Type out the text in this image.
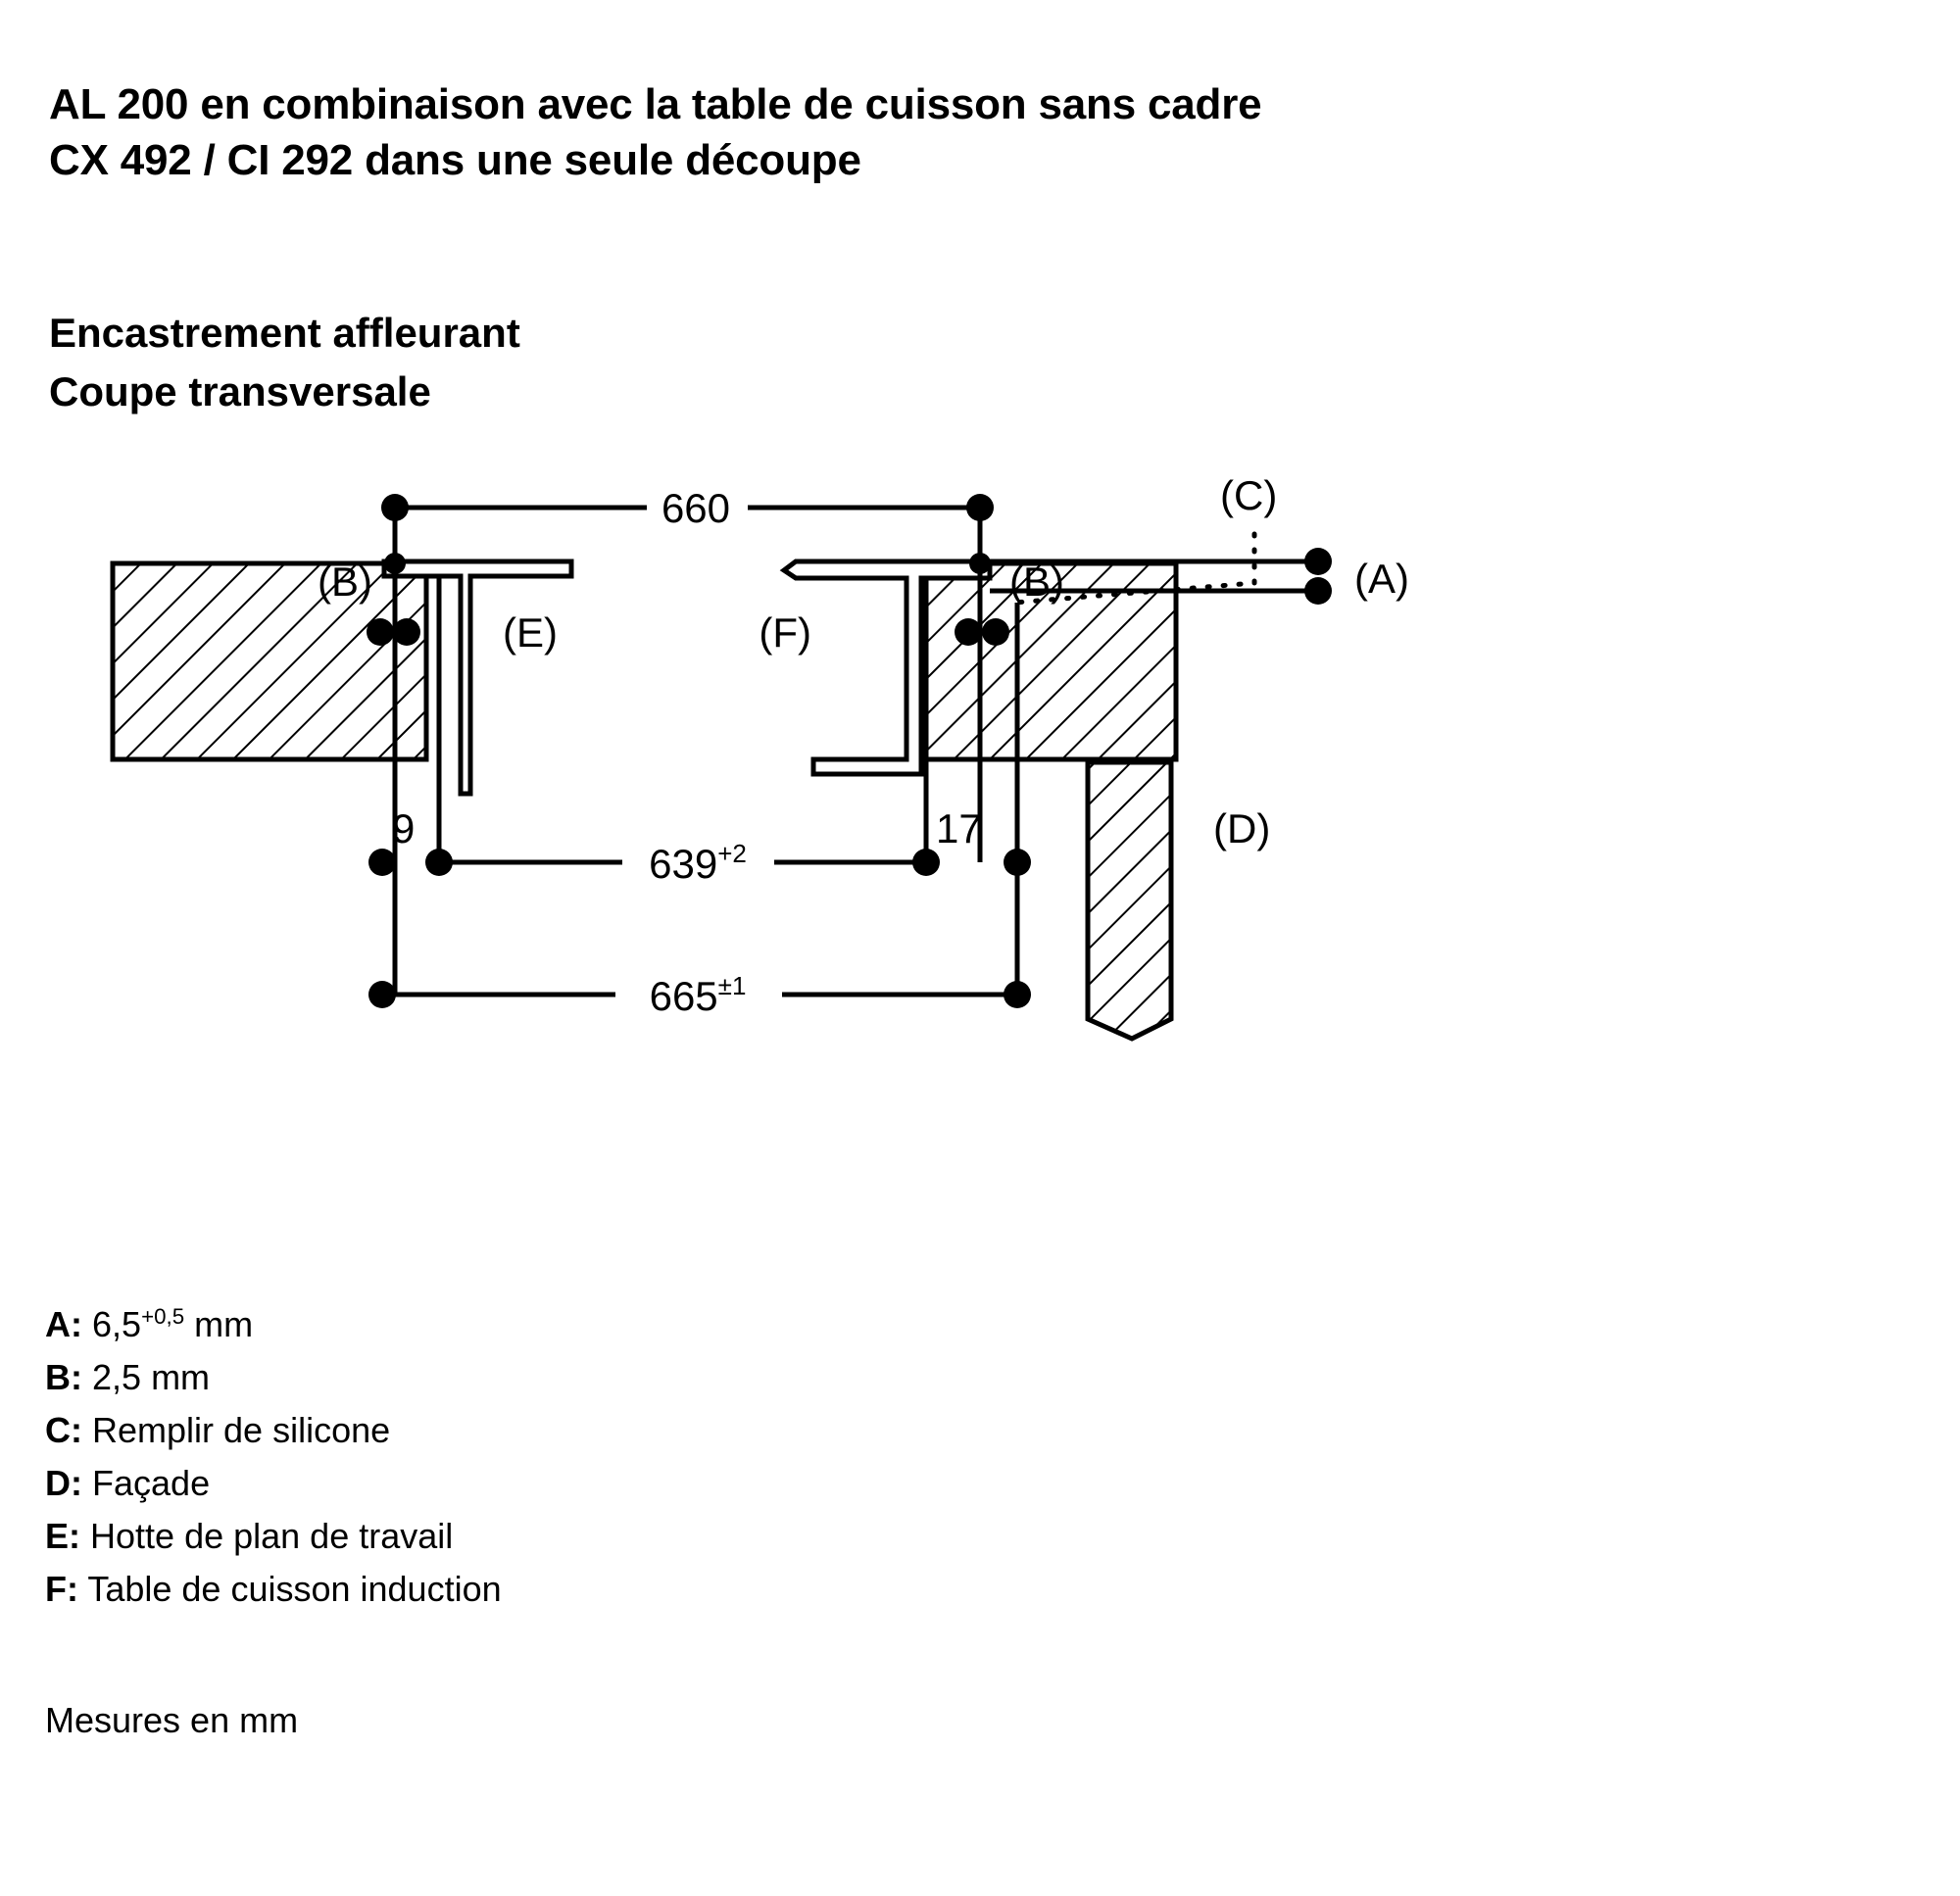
AL 200 en combinaison avec la table de cuisson sans cadre
CX 492 / CI 292 dans une seule découpe
Encastrement affleurant
Coupe transversale
660
(B)	(B)
(C)
(A)
(E)	(F)
(D)
$639^{+2}$
9	17
$665^{\pm 1}$
A: $6,5^{+0,5}$ mm
B: 2,5 mm
C: Remplir de silicone
D: Façade
E: Hotte de plan de travail
F: Table de cuisson induction
Mesures en mm
